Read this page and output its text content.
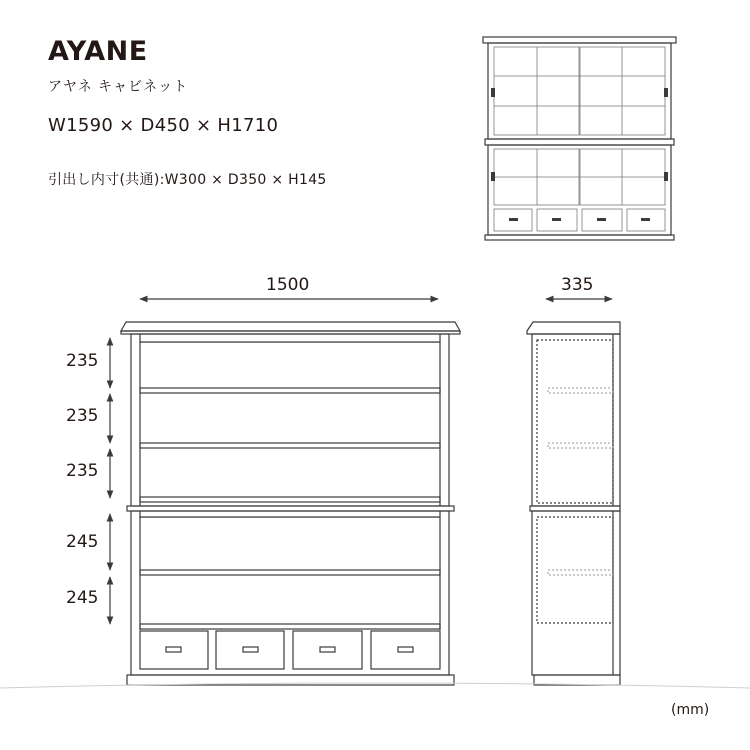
AYANE
アヤネ キャビネット
W1590 × D450 × H1710
引出し内寸(共通):W300 × D350 × H145
1500	335
235
235
235
245
245
(mm)
